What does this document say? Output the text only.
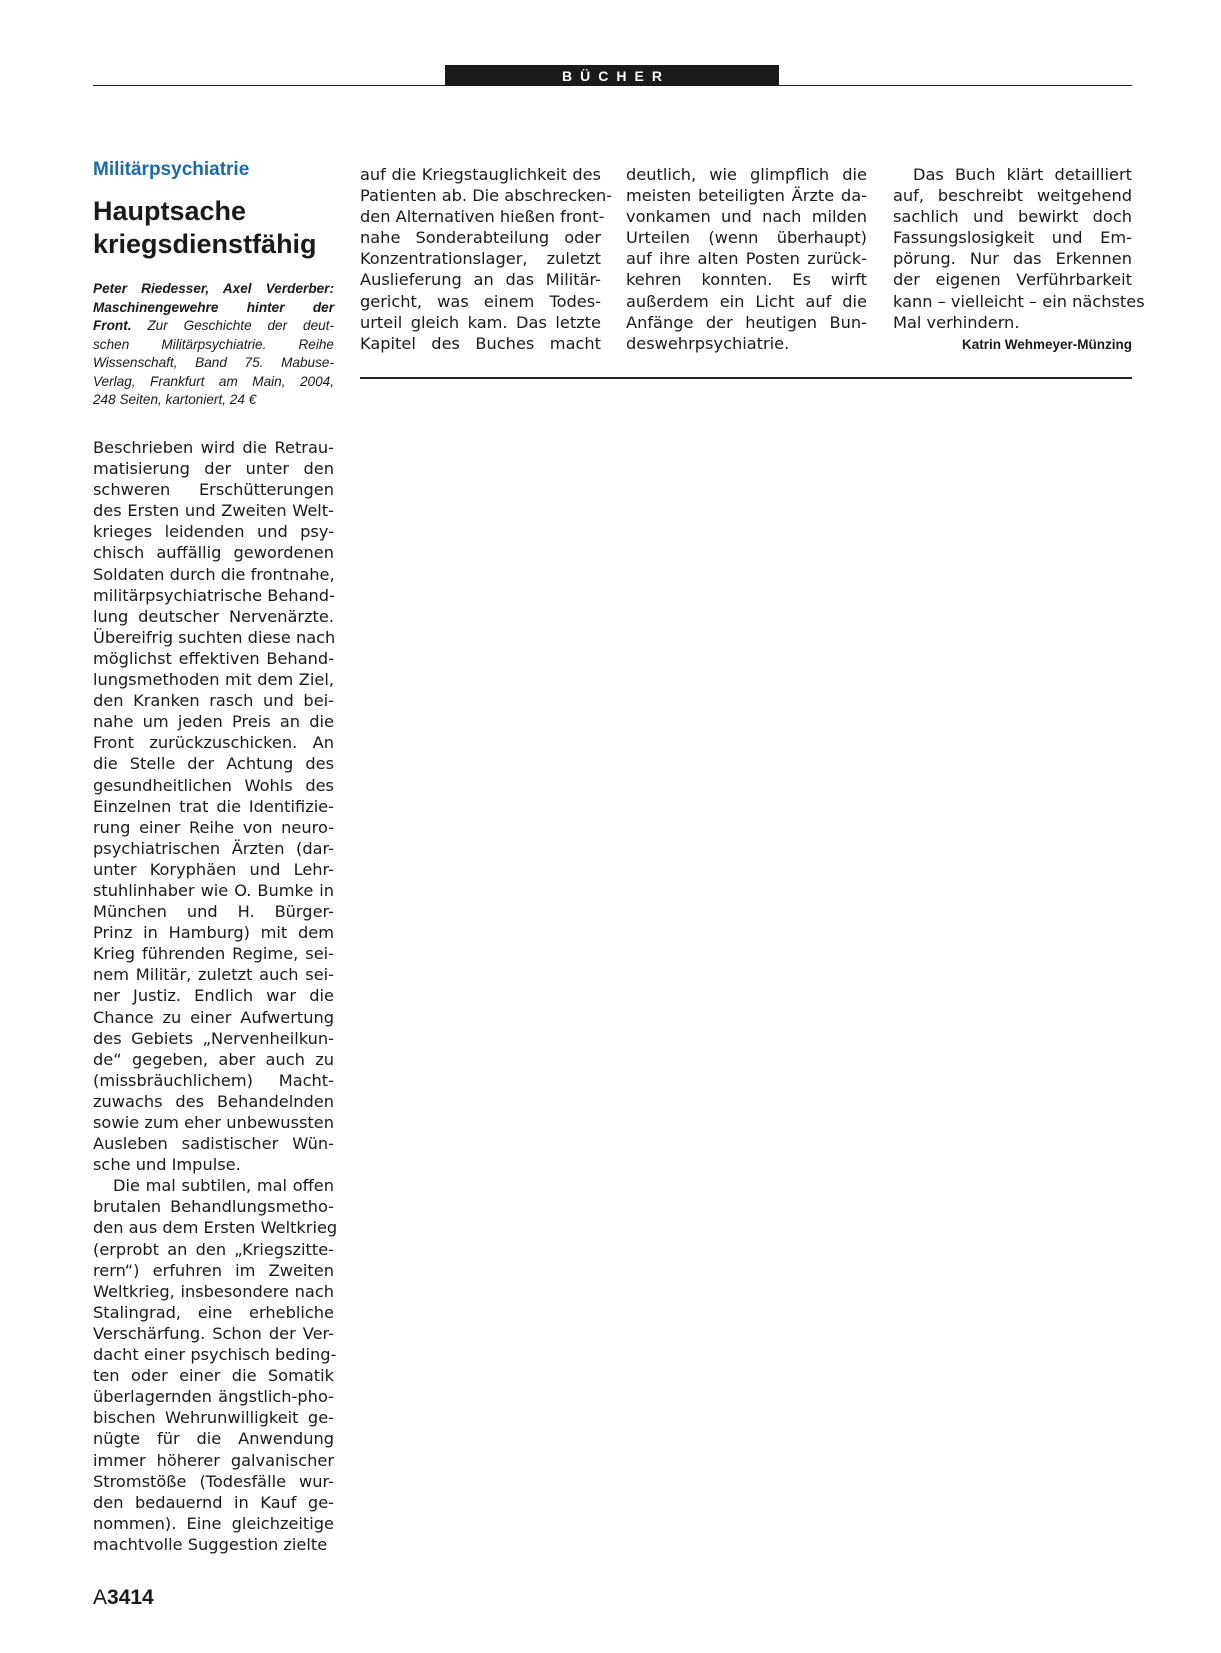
BÜCHER
Militärpsychiatrie
Hauptsache
kriegsdienstfähig
Peter Riedesser, Axel Verderber:
Maschinengewehre hinter der
Front. Zur Geschichte der deut-
schen Militärpsychiatrie. Reihe
Wissenschaft, Band 75. Mabuse-
Verlag, Frankfurt am Main, 2004,
248 Seiten, kartoniert, 24 €
Beschrieben wird die Retrau-
matisierung der unter den
schweren Erschütterungen
des Ersten und Zweiten Welt-
krieges leidenden und psy-
chisch auffällig gewordenen
Soldaten durch die frontnahe,
militärpsychiatrische Behand-
lung deutscher Nervenärzte.
Übereifrig suchten diese nach
möglichst effektiven Behand-
lungsmethoden mit dem Ziel,
den Kranken rasch und bei-
nahe um jeden Preis an die
Front zurückzuschicken. An
die Stelle der Achtung des
gesundheitlichen Wohls des
Einzelnen trat die Identifizie-
rung einer Reihe von neuro-
psychiatrischen Ärzten (dar-
unter Koryphäen und Lehr-
stuhlinhaber wie O. Bumke in
München und H. Bürger-
Prinz in Hamburg) mit dem
Krieg führenden Regime, sei-
nem Militär, zuletzt auch sei-
ner Justiz. Endlich war die
Chance zu einer Aufwertung
des Gebiets „Nervenheilkun-
de“ gegeben, aber auch zu
(missbräuchlichem) Macht-
zuwachs des Behandelnden
sowie zum eher unbewussten
Ausleben sadistischer Wün-
sche und Impulse.
Die mal subtilen, mal offen
brutalen Behandlungsmetho-
den aus dem Ersten Weltkrieg
(erprobt an den „Kriegszitte-
rern“) erfuhren im Zweiten
Weltkrieg, insbesondere nach
Stalingrad, eine erhebliche
Verschärfung. Schon der Ver-
dacht einer psychisch beding-
ten oder einer die Somatik
überlagernden ängstlich-pho-
bischen Wehrunwilligkeit ge-
nügte für die Anwendung
immer höherer galvanischer
Stromstöße (Todesfälle wur-
den bedauernd in Kauf ge-
nommen). Eine gleichzeitige
machtvolle Suggestion zielte
auf die Kriegstauglichkeit des
Patienten ab. Die abschrecken-
den Alternativen hießen front-
nahe Sonderabteilung oder
Konzentrationslager, zuletzt
Auslieferung an das Militär-
gericht, was einem Todes-
urteil gleich kam. Das letzte
Kapitel des Buches macht
deutlich, wie glimpflich die
meisten beteiligten Ärzte da-
vonkamen und nach milden
Urteilen (wenn überhaupt)
auf ihre alten Posten zurück-
kehren konnten. Es wirft
außerdem ein Licht auf die
Anfänge der heutigen Bun-
deswehrpsychiatrie.
Das Buch klärt detailliert
auf, beschreibt weitgehend
sachlich und bewirkt doch
Fassungslosigkeit und Em-
pörung. Nur das Erkennen
der eigenen Verführbarkeit
kann – vielleicht – ein nächstes
Mal verhindern.
Katrin Wehmeyer-Münzing
A3414
